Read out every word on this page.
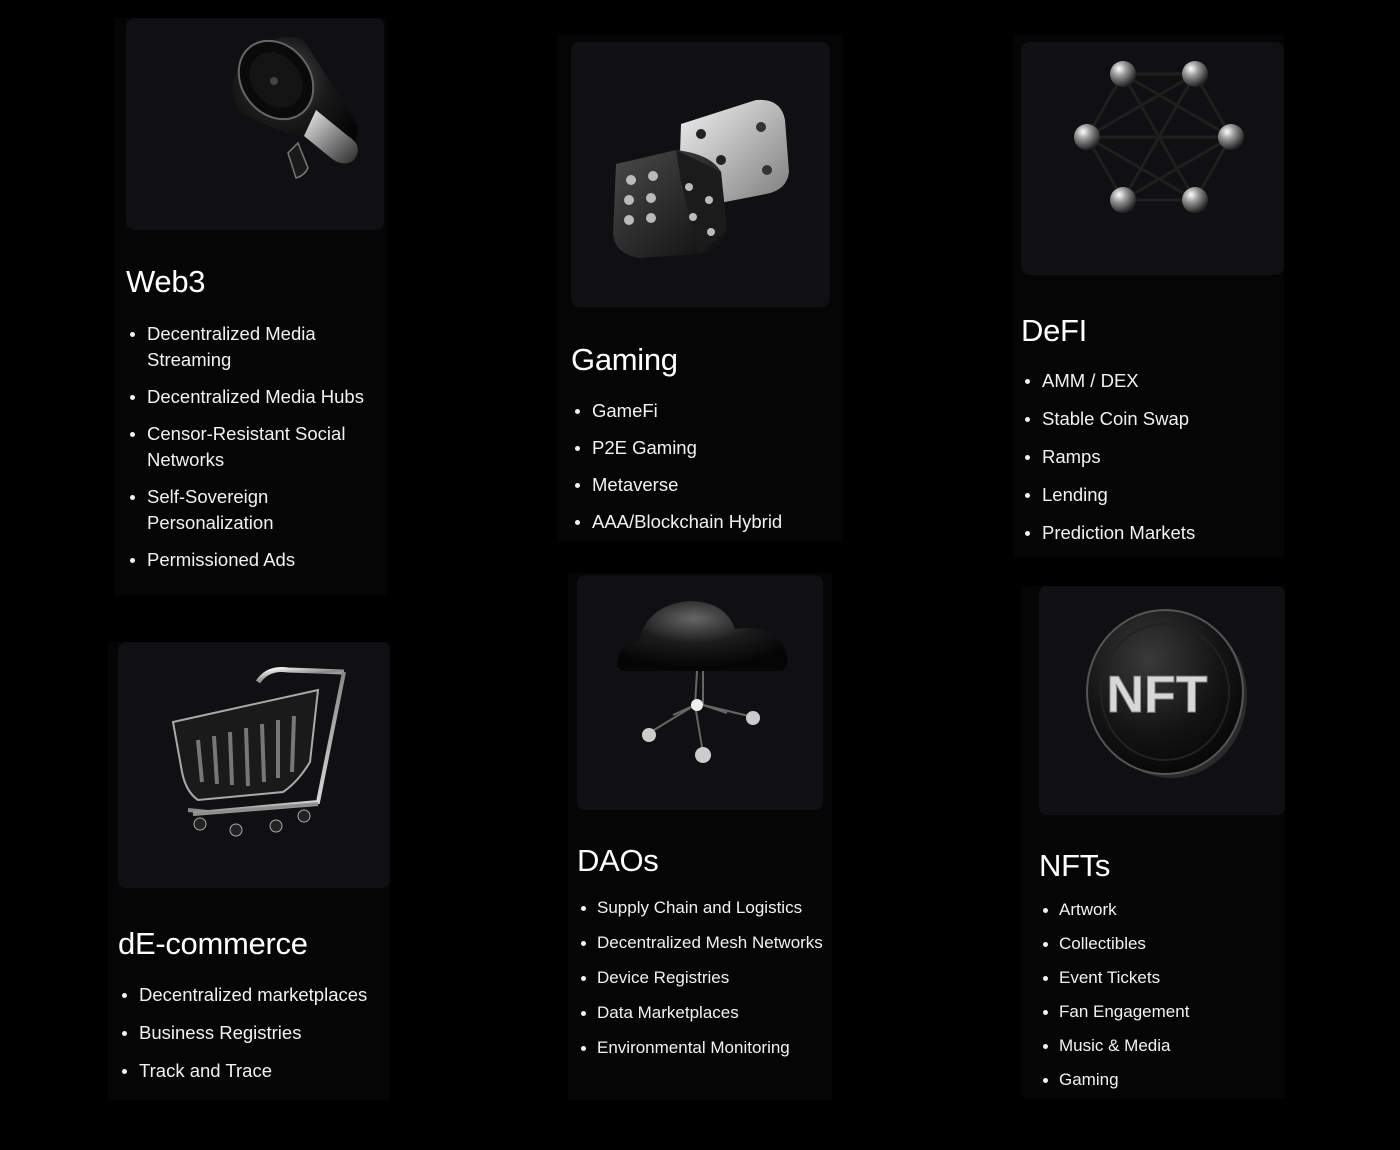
Web3
Decentralized Media Streaming
Decentralized Media Hubs
Censor-Resistant Social Networks
Self-Sovereign Personalization
Permissioned Ads
Gaming
GameFi
P2E Gaming
Metaverse
AAA/Blockchain Hybrid
DeFI
AMM / DEX
Stable Coin Swap
Ramps
Lending
Prediction Markets
dE-commerce
Decentralized marketplaces
Business Registries
Track and Trace
DAOs
Supply Chain and Logistics
Decentralized Mesh Networks
Device Registries
Data Marketplaces
Environmental Monitoring
NFT
NFTs
Artwork
Collectibles
Event Tickets
Fan Engagement
Music & Media
Gaming
